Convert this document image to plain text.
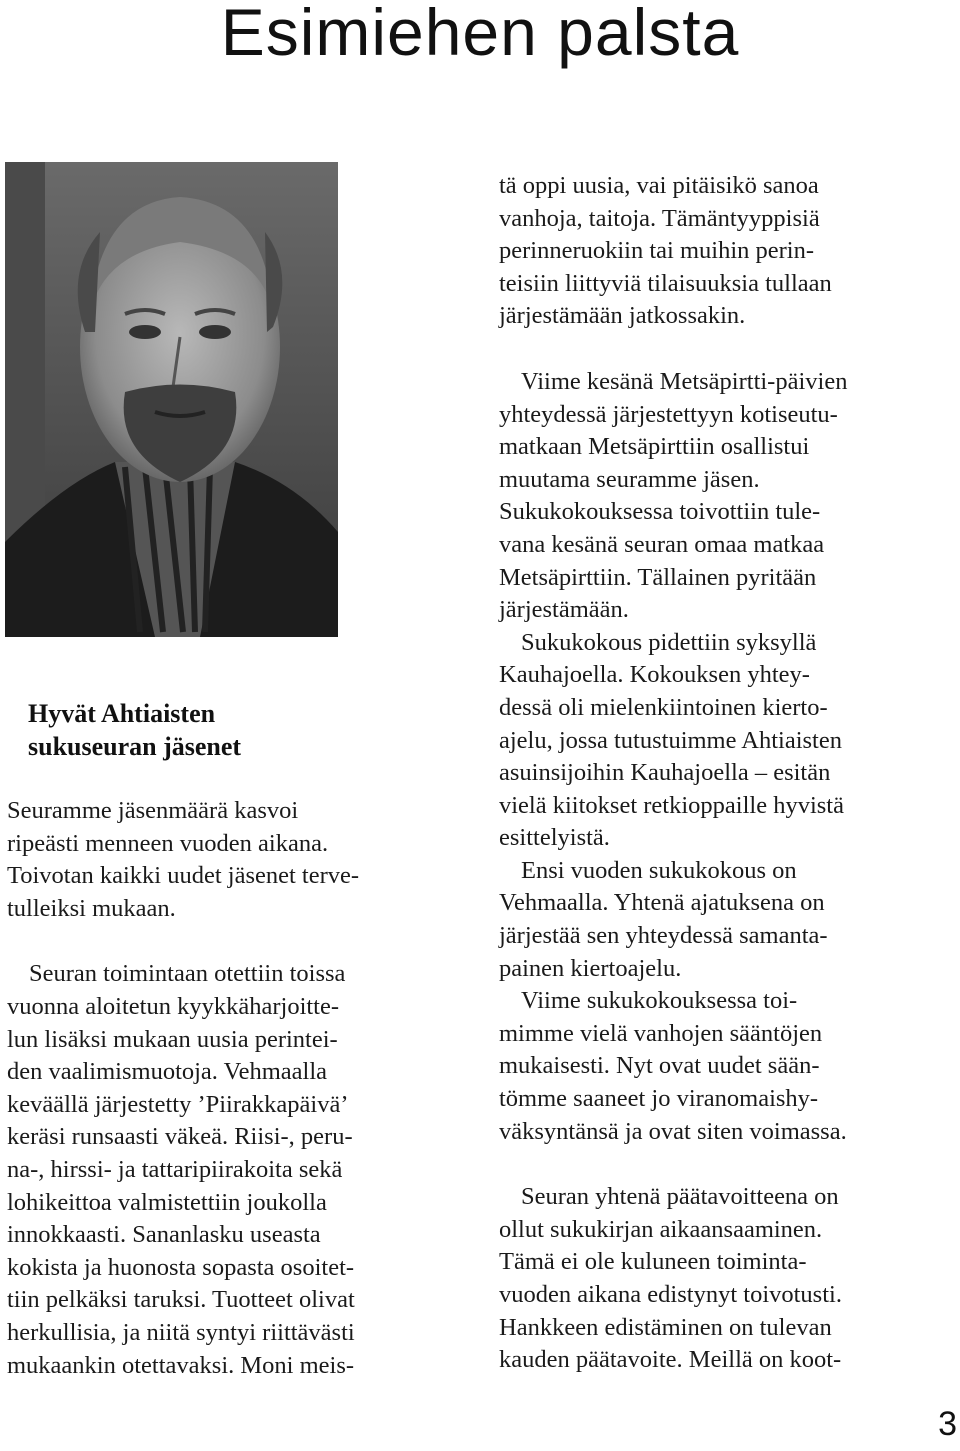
Esimiehen palsta
Hyvät Ahtiaisten
sukuseuran jäsenet
Seuramme jäsenmäärä kasvoi
ripeästi menneen vuoden aikana.
Toivotan kaikki uudet jäsenet terve-
tulleiksi mukaan.
Seuran toimintaan otettiin toissa
vuonna aloitetun kyykkäharjoitte-
lun lisäksi mukaan uusia perintei-
den vaalimismuotoja. Vehmaalla
keväällä järjestetty ’Piirakkapäivä’
keräsi runsaasti väkeä. Riisi-, peru-
na-, hirssi- ja tattaripiirakoita sekä
lohikeittoa valmistettiin joukolla
innokkaasti. Sananlasku useasta
kokista ja huonosta sopasta osoitet-
tiin pelkäksi taruksi. Tuotteet olivat
herkullisia, ja niitä syntyi riittävästi
mukaankin otettavaksi. Moni meis-
tä oppi uusia, vai pitäisikö sanoa
vanhoja, taitoja. Tämäntyyppisiä
perinneruokiin tai muihin perin-
teisiin liittyviä tilaisuuksia tullaan
järjestämään jatkossakin.
Viime kesänä Metsäpirtti-päivien
yhteydessä järjestettyyn kotiseutu-
matkaan Metsäpirttiin osallistui
muutama seuramme jäsen.
Sukukokouksessa toivottiin tule-
vana kesänä seuran omaa matkaa
Metsäpirttiin. Tällainen pyritään
järjestämään.
Sukukokous pidettiin syksyllä
Kauhajoella. Kokouksen yhtey-
dessä oli mielenkiintoinen kierto-
ajelu, jossa tutustuimme Ahtiaisten
asuinsijoihin Kauhajoella – esitän
vielä kiitokset retkioppaille hyvistä
esittelyistä.
Ensi vuoden sukukokous on
Vehmaalla. Yhtenä ajatuksena on
järjestää sen yhteydessä samanta-
painen kiertoajelu.
Viime sukukokouksessa toi-
mimme vielä vanhojen sääntöjen
mukaisesti. Nyt ovat uudet sään-
tömme saaneet jo viranomaishy-
väksyntänsä ja ovat siten voimassa.
Seuran yhtenä päätavoitteena on
ollut sukukirjan aikaansaaminen.
Tämä ei ole kuluneen toiminta-
vuoden aikana edistynyt toivotusti.
Hankkeen edistäminen on tulevan
kauden päätavoite. Meillä on koot-
3
